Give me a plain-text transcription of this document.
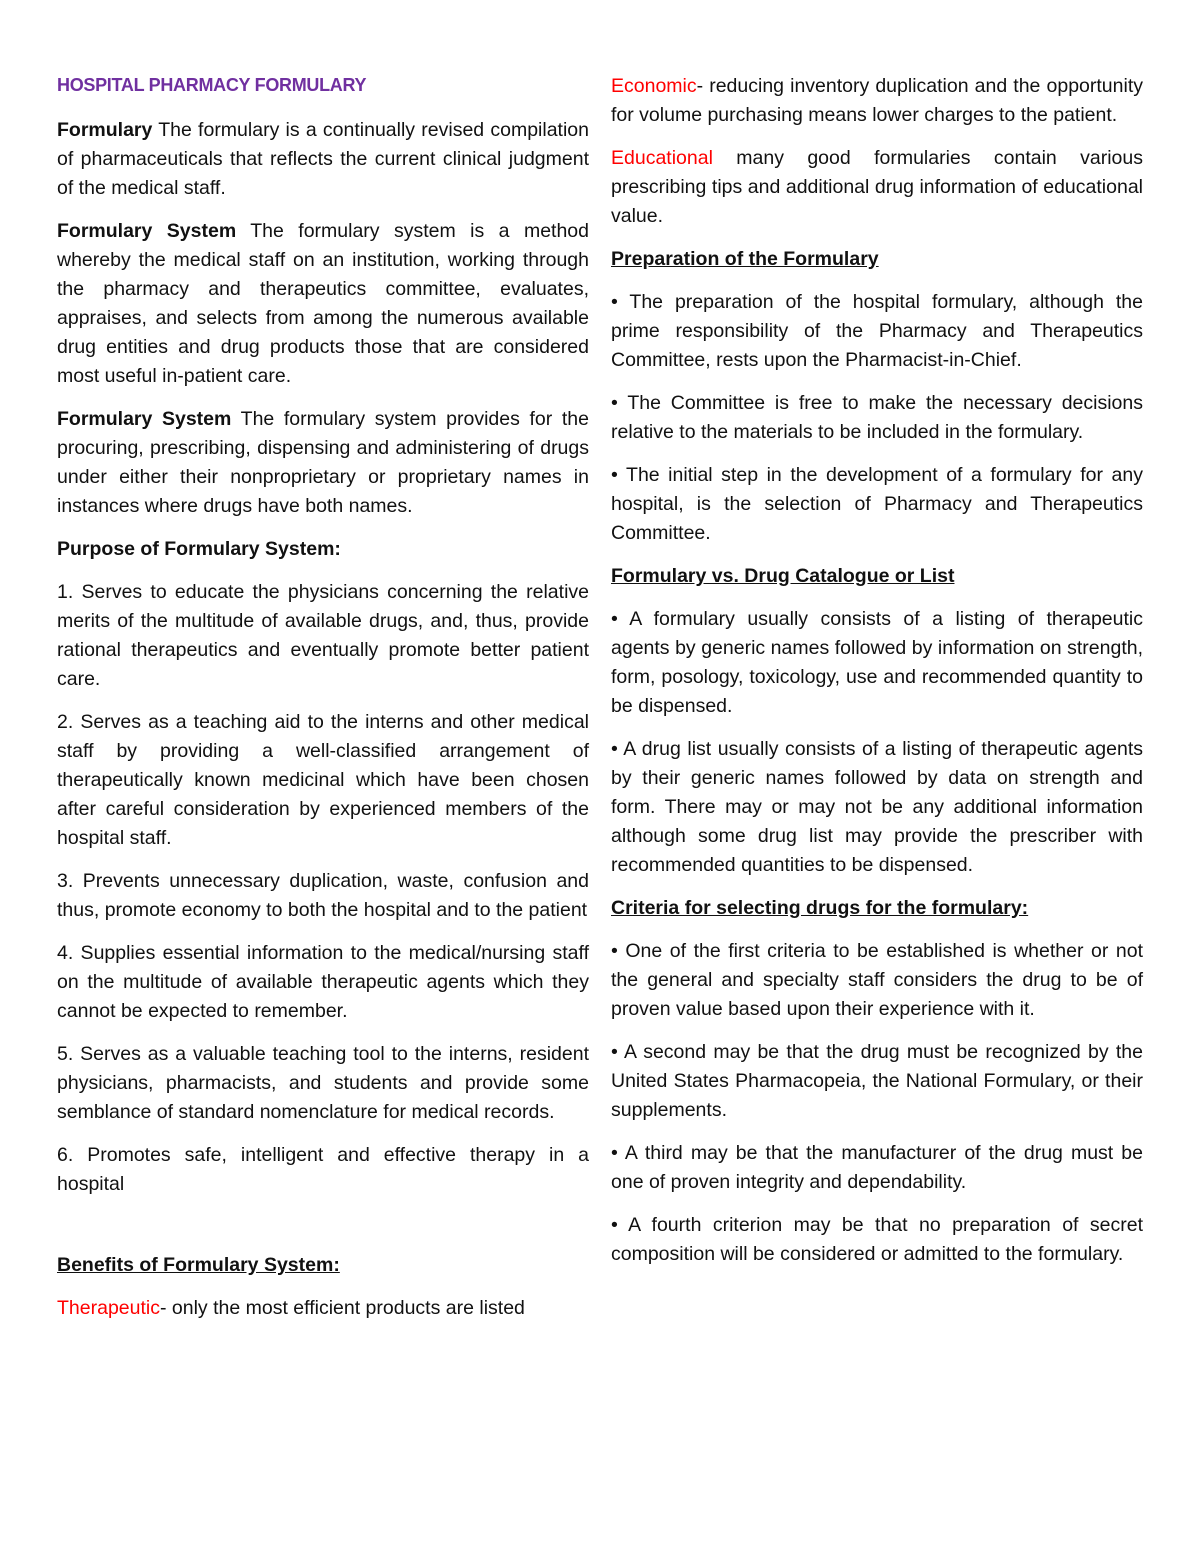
HOSPITAL PHARMACY FORMULARY

Formulary The formulary is a continually revised compilation of pharmaceuticals that reflects the current clinical judgment of the medical staff.

Formulary System The formulary system is a method whereby the medical staff on an institution, working through the pharmacy and therapeutics committee, evaluates, appraises, and selects from among the numerous available drug entities and drug products those that are considered most useful in-patient care.

Formulary System The formulary system provides for the procuring, prescribing, dispensing and administering of drugs under either their nonproprietary or proprietary names in instances where drugs have both names.

Purpose of Formulary System:

1. Serves to educate the physicians concerning the relative merits of the multitude of available drugs, and, thus, provide rational therapeutics and eventually promote better patient care.

2. Serves as a teaching aid to the interns and other medical staff by providing a well-classified arrangement of therapeutically known medicinal which have been chosen after careful consideration by experienced members of the hospital staff.

3. Prevents unnecessary duplication, waste, confusion and thus, promote economy to both the hospital and to the patient

4. Supplies essential information to the medical/nursing staff on the multitude of available therapeutic agents which they cannot be expected to remember.

5. Serves as a valuable teaching tool to the interns, resident physicians, pharmacists, and students and provide some semblance of standard nomenclature for medical records.

6. Promotes safe, intelligent and effective therapy in a hospital

Benefits of Formulary System:

Therapeutic- only the most efficient products are listed

Economic- reducing inventory duplication and the opportunity for volume purchasing means lower charges to the patient.

Educational many good formularies contain various prescribing tips and additional drug information of educational value.

Preparation of the Formulary

• The preparation of the hospital formulary, although the prime responsibility of the Pharmacy and Therapeutics Committee, rests upon the Pharmacist-in-Chief.

• The Committee is free to make the necessary decisions relative to the materials to be included in the formulary.

• The initial step in the development of a formulary for any hospital, is the selection of Pharmacy and Therapeutics Committee.

Formulary vs. Drug Catalogue or List

• A formulary usually consists of a listing of therapeutic agents by generic names followed by information on strength, form, posology, toxicology, use and recommended quantity to be dispensed.

• A drug list usually consists of a listing of therapeutic agents by their generic names followed by data on strength and form. There may or may not be any additional information although some drug list may provide the prescriber with recommended quantities to be dispensed.

Criteria for selecting drugs for the formulary:

• One of the first criteria to be established is whether or not the general and specialty staff considers the drug to be of proven value based upon their experience with it.

• A second may be that the drug must be recognized by the United States Pharmacopeia, the National Formulary, or their supplements.

• A third may be that the manufacturer of the drug must be one of proven integrity and dependability.

• A fourth criterion may be that no preparation of secret composition will be considered or admitted to the formulary.
